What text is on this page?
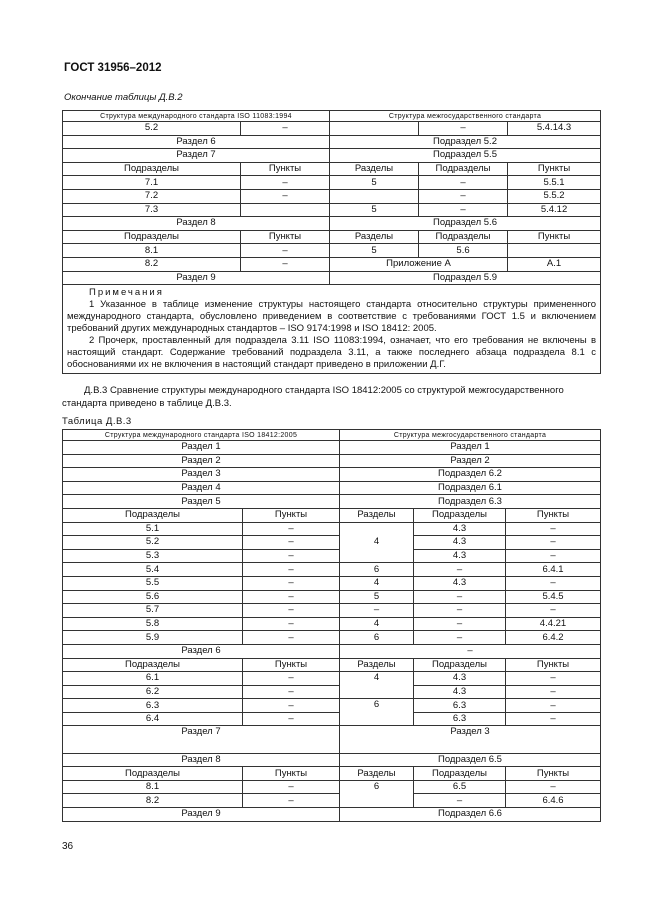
ГОСТ 31956–2012
Окончание таблицы Д.В.2
Структура международного стандарта ISO 11083:1994		Структура межгосударственного стандарта		
5.2	–		–	5.4.14.3
Раздел 6		Подраздел 5.2		
Раздел 7		Подраздел 5.5		
Подразделы	Пункты	Разделы	Подразделы	Пункты
7.1	–	5	–	5.5.1
7.2	–		–	5.5.2
7.3		5	–	5.4.12
Раздел 8		Подраздел 5.6		
Подразделы	Пункты	Разделы	Подразделы	Пункты
8.1	–	5	5.6	
8.2	–	Приложение А		А.1
Раздел 9		Подраздел 5.9		

Примечания

1 Указанное в таблице изменение структуры настоящего стандарта относительно структуры примененного международного стандарта, обусловлено приведением в соответствие с требованиями ГОСТ 1.5 и включением требований других международных стандартов – ISO 9174:1998 и ISO 18412: 2005.

2 Прочерк, проставленный для подраздела 3.11 ISO 11083:1994, означает, что его требования не включены в настоящий стандарт. Содержание требований подраздела 3.11, а также последнего абзаца подраздела 8.1 с обоснованиями их не включения в настоящий стандарт приведено в приложении Д.Г.				

Д.В.3 Сравнение структуры международного стандарта ISO 18412:2005 со структурой межгосударственного стандарта приведено в таблице Д.В.3.
Таблица Д.В.3
Структура международного стандарта ISO 18412:2005		Структура межгосударственного стандарта		
Раздел 1		Раздел 1		
Раздел 2		Раздел 2		
Раздел 3		Подраздел 6.2		
Раздел 4		Подраздел 6.1		
Раздел 5		Подраздел 6.3		
Подразделы	Пункты	Разделы	Подразделы	Пункты
5.1	–	4	4.3	–
5.2	–		4.3	–
5.3	–		4.3	–
5.4	–	6	–	6.4.1
5.5	–	4	4.3	–
5.6	–	5	–	5.4.5
5.7	–	–	–	–
5.8	–	4	–	4.4.21
5.9	–	6	–	6.4.2
Раздел 6		–		
Подразделы	Пункты	Разделы	Подразделы	Пункты
6.1	–	4	4.3	–
6.2	–		4.3	–
6.3	–	6	6.3	–
6.4	–		6.3	–
Раздел 7		Раздел 3		

Раздел 8		Подраздел 6.5		
Подразделы	Пункты	Разделы	Подразделы	Пункты
8.1	–	6	6.5	–
8.2	–		–	6.4.6
Раздел 9		Подраздел 6.6		
36
